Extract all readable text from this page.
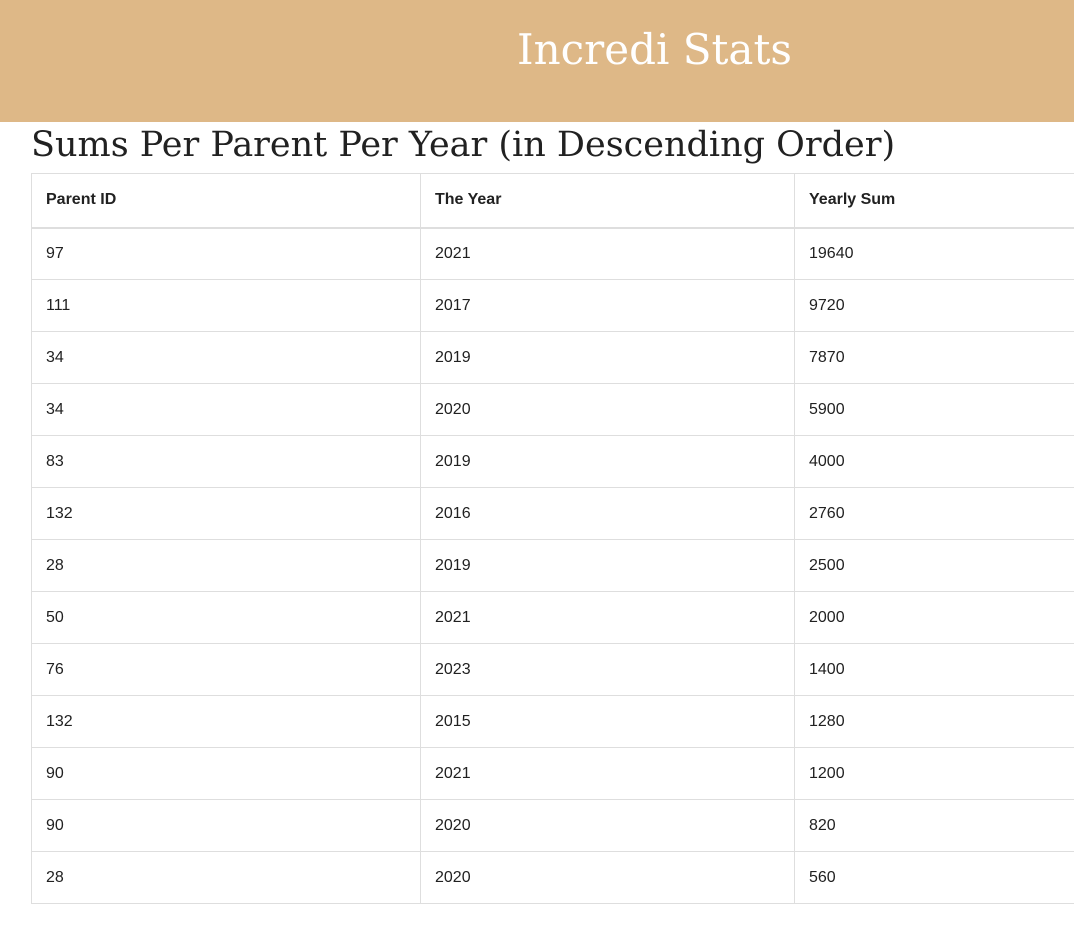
Incredi Stats
Sums Per Parent Per Year (in Descending Order)
Parent ID	The Year	Yearly Sum
97	2021	19640
111	2017	9720
34	2019	7870
34	2020	5900
83	2019	4000
132	2016	2760
28	2019	2500
50	2021	2000
76	2023	1400
132	2015	1280
90	2021	1200
90	2020	820
28	2020	560
